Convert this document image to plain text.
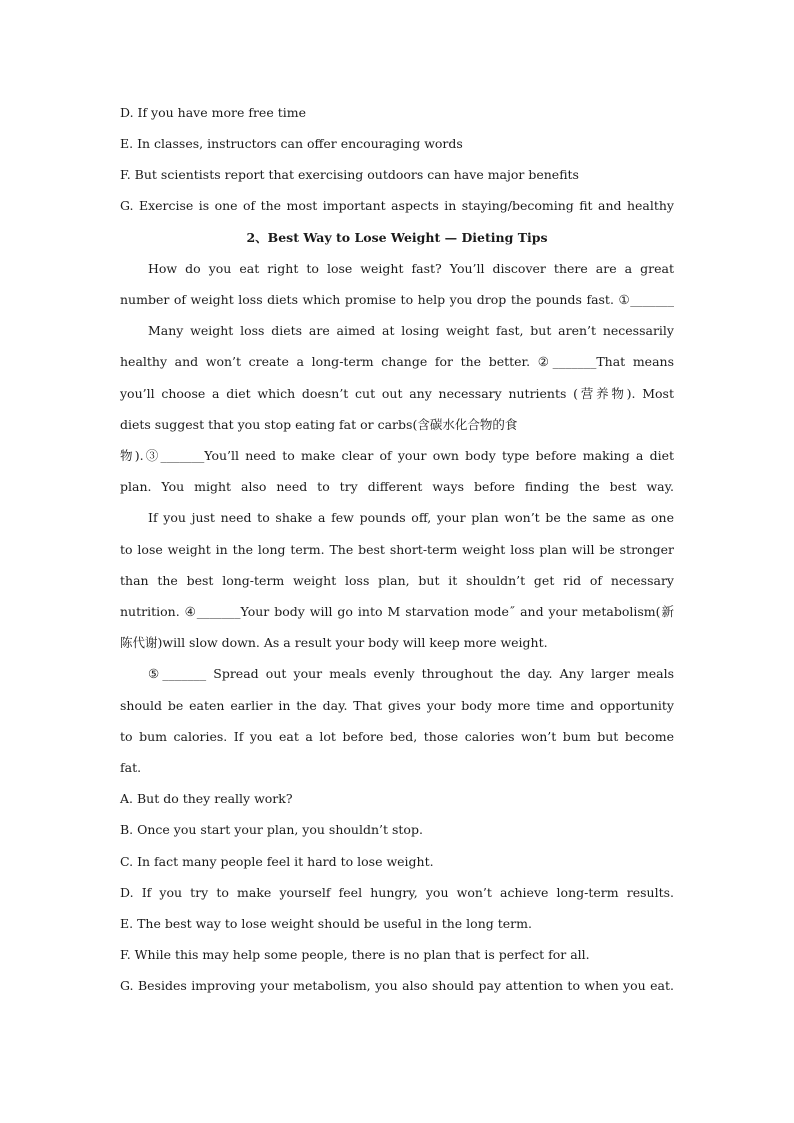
D. If you have more free time
E. In classes, instructors can offer encouraging words
F. But scientists report that exercising outdoors can have major benefits
G. Exercise is one of the most important aspects in staying/becoming fit and healthy
2、Best Way to Lose Weight — Dieting Tips
How do you eat right to lose weight fast? You’ll discover there are a great
number of weight loss diets which promise to help you drop the pounds fast. ①_______
Many weight loss diets are aimed at losing weight fast, but aren’t necessarily
healthy and won’t create a long-term change for the better. ②_______That means
you’ll choose a diet which doesn’t cut out any necessary nutrients (营养物). Most
diets suggest that you stop eating fat or carbs(含碳水化合物的食
物).③_______You’ll need to make clear of your own body type before making a diet
plan. You might also need to try different ways before finding the best way.
If you just need to shake a few pounds off, your plan won’t be the same as one
to lose weight in the long term. The best short-term weight loss plan will be stronger
than the best long-term weight loss plan, but it shouldn’t get rid of necessary
nutrition. ④_______Your body will go into M starvation mode˝ and your metabolism(新
陈代谢)will slow down. As a result your body will keep more weight.
⑤_______ Spread out your meals evenly throughout the day. Any larger meals
should be eaten earlier in the day. That gives your body more time and opportunity
to bum calories. If you eat a lot before bed, those calories won’t bum but become
fat.
A. But do they really work?
B. Once you start your plan, you shouldn’t stop.
C. In fact many people feel it hard to lose weight.
D. If you try to make yourself feel hungry, you won’t achieve long-term results.
E. The best way to lose weight should be useful in the long term.
F. While this may help some people, there is no plan that is perfect for all.
G. Besides improving your metabolism, you also should pay attention to when you eat.
